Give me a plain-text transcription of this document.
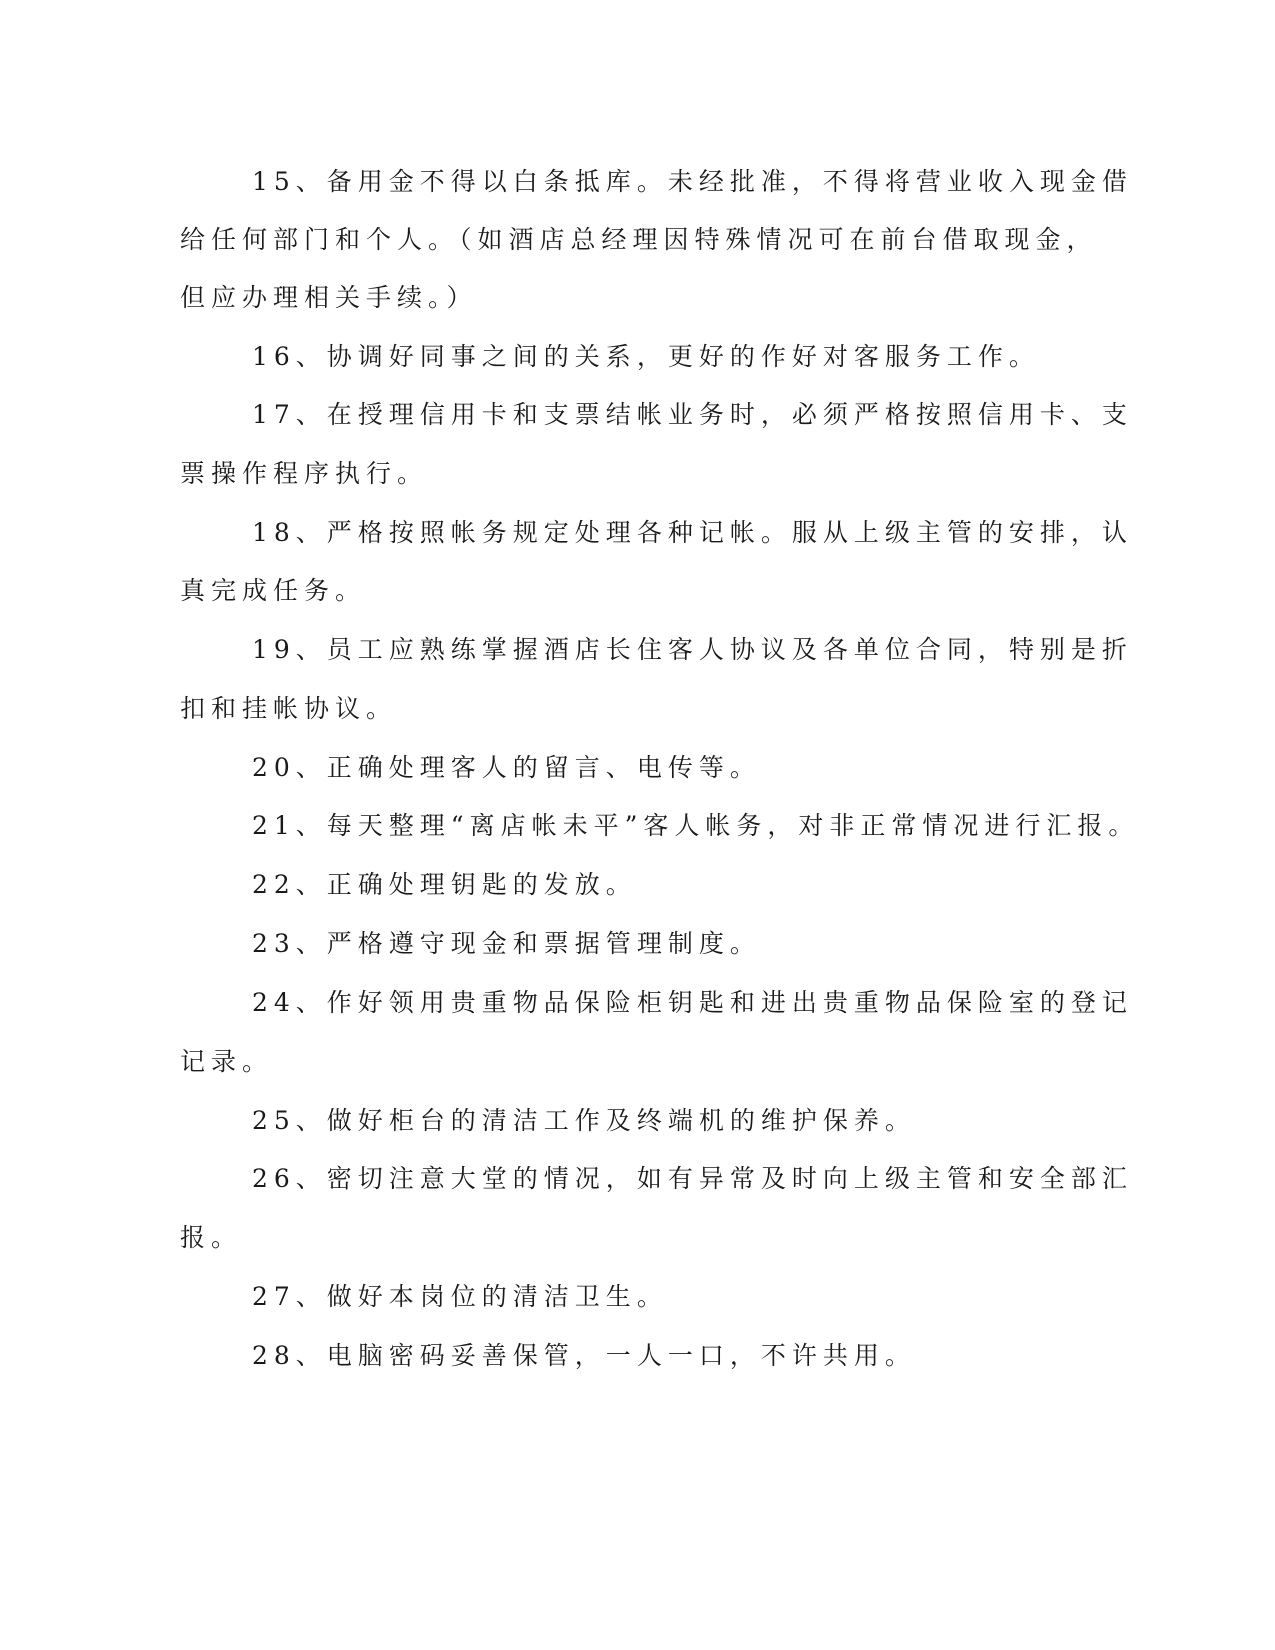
15、备用金不得以白条抵库。未经批准，不得将营业收入现金借
给任何部门和个人。（如酒店总经理因特殊情况可在前台借取现金，
但应办理相关手续。）
16、协调好同事之间的关系，更好的作好对客服务工作。
17、在授理信用卡和支票结帐业务时，必须严格按照信用卡、支
票操作程序执行。
18、严格按照帐务规定处理各种记帐。服从上级主管的安排，认
真完成任务。
19、员工应熟练掌握酒店长住客人协议及各单位合同，特别是折
扣和挂帐协议。
20、正确处理客人的留言、电传等。
21、每天整理“离店帐未平”客人帐务，对非正常情况进行汇报。
22、正确处理钥匙的发放。
23、严格遵守现金和票据管理制度。
24、作好领用贵重物品保险柜钥匙和进出贵重物品保险室的登记
记录。
25、做好柜台的清洁工作及终端机的维护保养。
26、密切注意大堂的情况，如有异常及时向上级主管和安全部汇
报。
27、做好本岗位的清洁卫生。
28、电脑密码妥善保管，一人一口，不许共用。
